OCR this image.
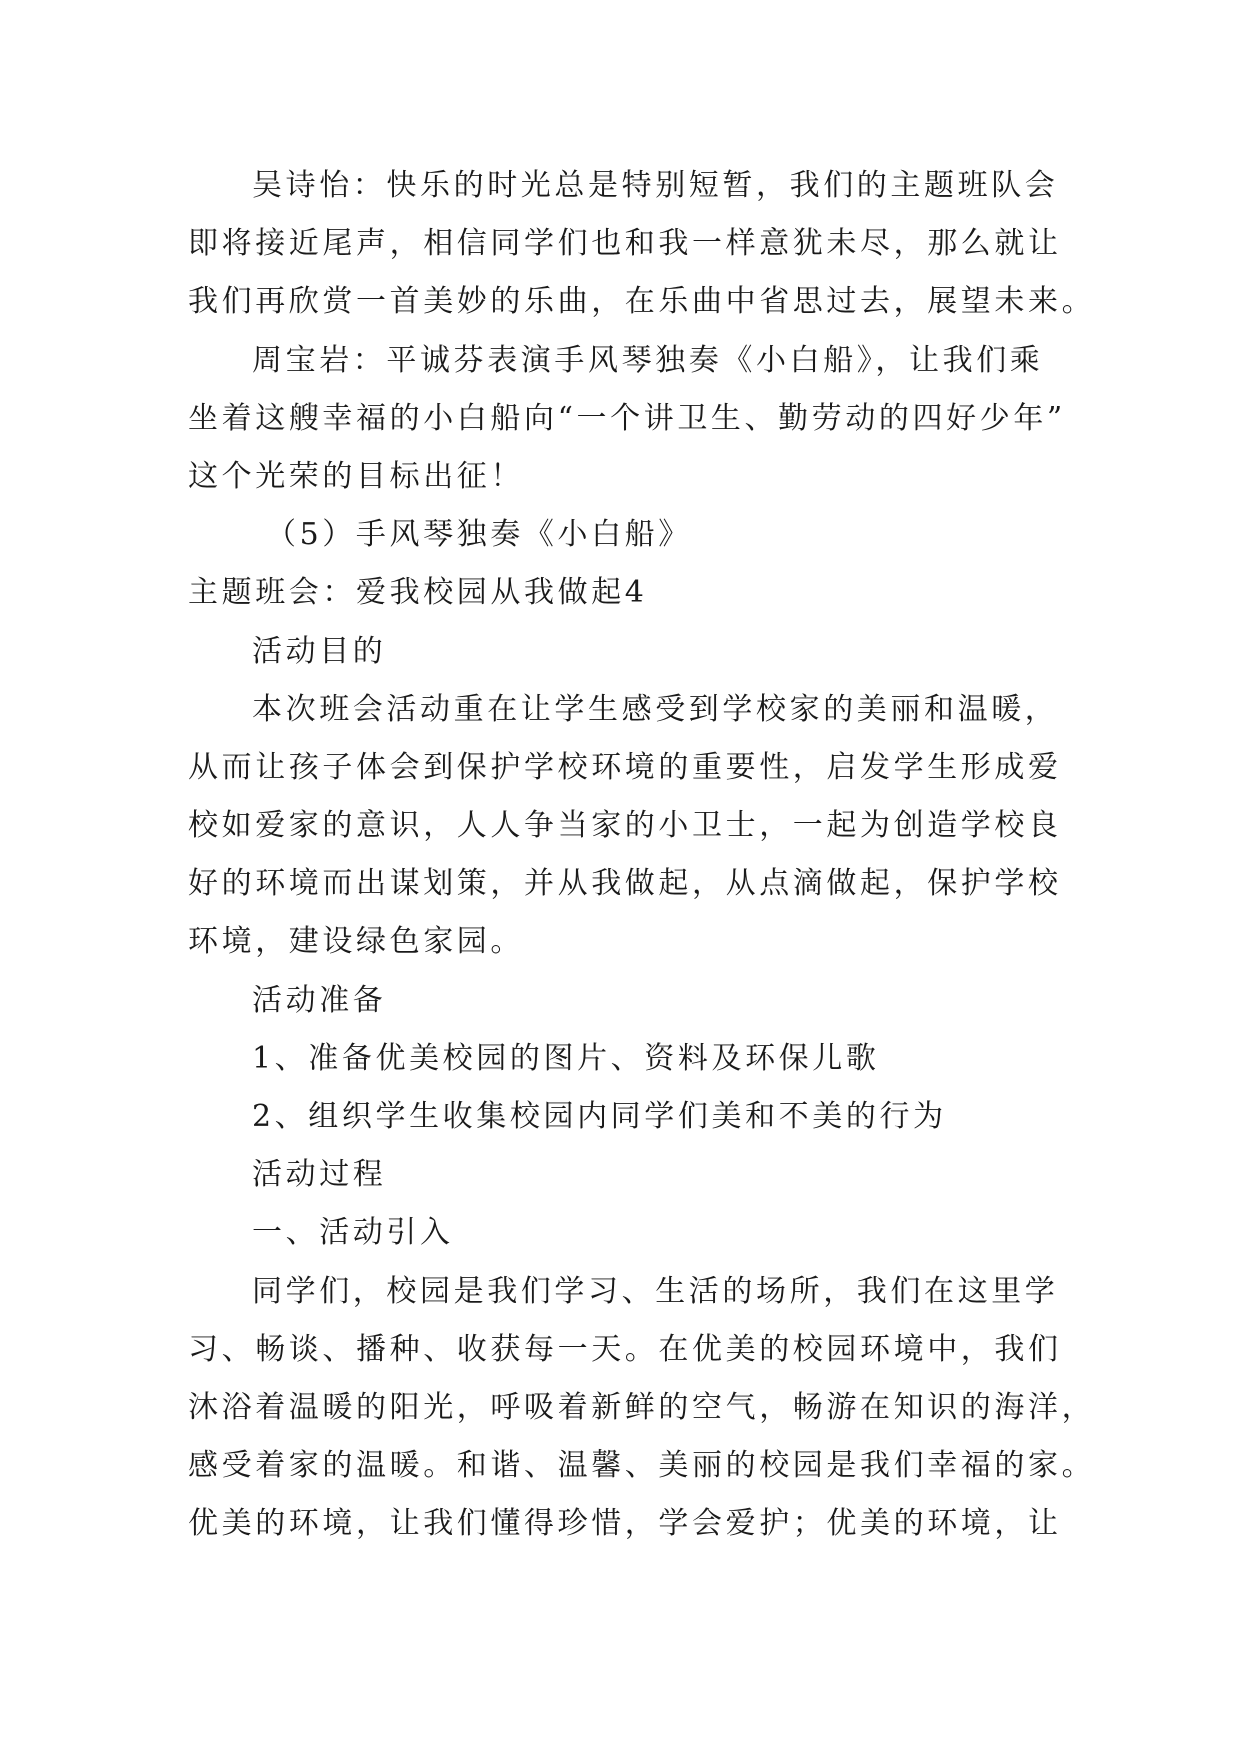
吴诗怡：快乐的时光总是特别短暂，我们的主题班队会
即将接近尾声，相信同学们也和我一样意犹未尽，那么就让
我们再欣赏一首美妙的乐曲，在乐曲中省思过去，展望未来。
周宝岩：平诚芬表演手风琴独奏《小白船》，让我们乘
坐着这艘幸福的小白船向“一个讲卫生、勤劳动的四好少年”
这个光荣的目标出征！
（5）手风琴独奏《小白船》
主题班会：爱我校园从我做起4
活动目的
本次班会活动重在让学生感受到学校家的美丽和温暖，
从而让孩子体会到保护学校环境的重要性，启发学生形成爱
校如爱家的意识，人人争当家的小卫士，一起为创造学校良
好的环境而出谋划策，并从我做起，从点滴做起，保护学校
环境，建设绿色家园。
活动准备
1、准备优美校园的图片、资料及环保儿歌
2、组织学生收集校园内同学们美和不美的行为
活动过程
一、活动引入
同学们，校园是我们学习、生活的场所，我们在这里学
习、畅谈、播种、收获每一天。在优美的校园环境中，我们
沐浴着温暖的阳光，呼吸着新鲜的空气，畅游在知识的海洋，
感受着家的温暖。和谐、温馨、美丽的校园是我们幸福的家。
优美的环境，让我们懂得珍惜，学会爱护；优美的环境，让
